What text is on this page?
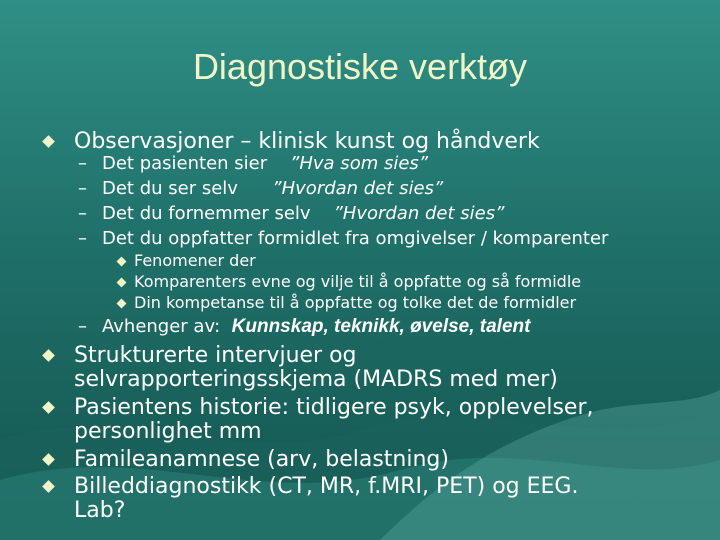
Diagnostiske verktøy
Observasjoner – klinisk kunst og håndverk
– Det pasienten sier ”Hva som sies”
– Det du ser selv ”Hvordan det sies”
– Det du fornemmer selv ”Hvordan det sies”
– Det du oppfatter formidlet fra omgivelser / komparenter
Fenomener der
Komparenters evne og vilje til å oppfatte og så formidle
Din kompetanse til å oppfatte og tolke det de formidler
– Avhenger av: Kunnskap, teknikk, øvelse, talent
Strukturerte intervjuer og
selvrapporteringsskjema (MADRS med mer)
Pasientens historie: tidligere psyk, opplevelser,
personlighet mm
Famileanamnese (arv, belastning)
Billeddiagnostikk (CT, MR, f.MRI, PET) og EEG.
Lab?
